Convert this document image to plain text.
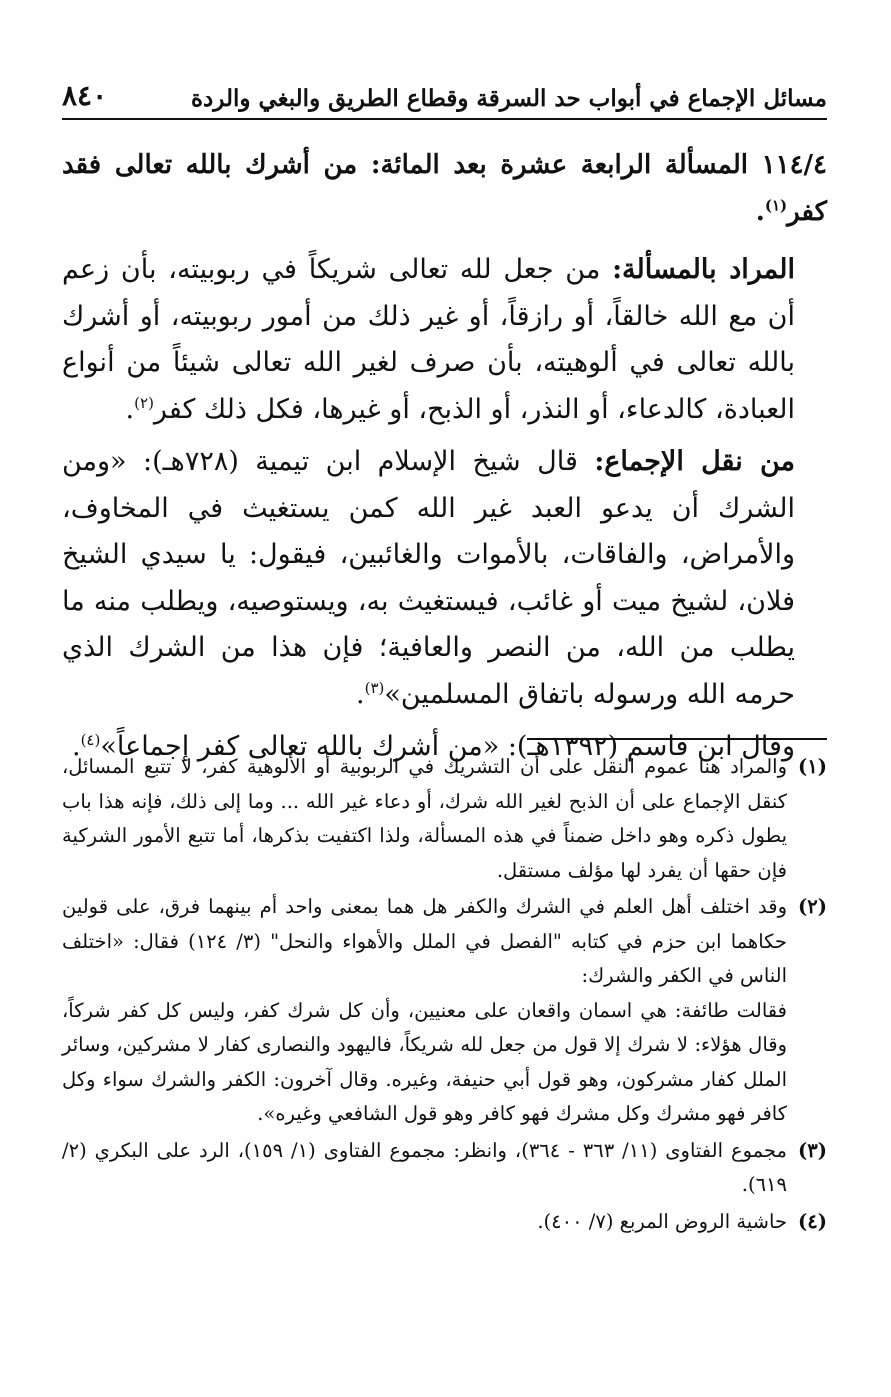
مسائل الإجماع في أبواب حد السرقة وقطاع الطريق والبغي والردة
٨٤٠

١١٤/٤ المسألة الرابعة عشرة بعد المائة: من أشرك بالله تعالى فقد كفر$^{(١)}$.

المراد بالمسألة: من جعل لله تعالى شريكاً في ربوبيته، بأن زعم أن مع الله خالقاً، أو رازقاً، أو غير ذلك من أمور ربوبيته، أو أشرك بالله تعالى في ألوهيته، بأن صرف لغير الله تعالى شيئاً من أنواع العبادة، كالدعاء، أو النذر، أو الذبح، أو غيرها، فكل ذلك كفر$^{(٢)}$.

من نقل الإجماع: قال شيخ الإسلام ابن تيمية (٧٢٨هـ): «ومن الشرك أن يدعو العبد غير الله كمن يستغيث في المخاوف، والأمراض، والفاقات، بالأموات والغائبين، فيقول: يا سيدي الشيخ فلان، لشيخ ميت أو غائب، فيستغيث به، ويستوصيه، ويطلب منه ما يطلب من الله، من النصر والعافية؛ فإن هذا من الشرك الذي حرمه الله ورسوله باتفاق المسلمين»$^{(٣)}$.

وقال ابن قاسم (١٣٩٢هـ): «من أشرك بالله تعالى كفر إجماعاً»$^{(٤)}$.

(١)

والمراد هنا عموم النقل على أن التشريك في الربوبية أو الألوهية كفر، لا تتبع المسائل، كنقل الإجماع على أن الذبح لغير الله شرك، أو دعاء غير الله ... وما إلى ذلك، فإنه هذا باب يطول ذكره وهو داخل ضمناً في هذه المسألة، ولذا اكتفيت بذكرها، أما تتبع الأمور الشركية فإن حقها أن يفرد لها مؤلف مستقل.

(٢)

وقد اختلف أهل العلم في الشرك والكفر هل هما بمعنى واحد أم بينهما فرق، على قولين حكاهما ابن حزم في كتابه "الفصل في الملل والأهواء والنحل" (٣/ ١٢٤) فقال: «اختلف الناس في الكفر والشرك:

فقالت طائفة: هي اسمان واقعان على معنيين، وأن كل شرك كفر، وليس كل كفر شركاً، وقال هؤلاء: لا شرك إلا قول من جعل لله شريكاً، فاليهود والنصارى كفار لا مشركين، وسائر الملل كفار مشركون، وهو قول أبي حنيفة، وغيره. وقال آخرون: الكفر والشرك سواء وكل كافر فهو مشرك وكل مشرك فهو كافر وهو قول الشافعي وغيره».

(٣)

مجموع الفتاوى (١١/ ٣٦٣ - ٣٦٤)، وانظر: مجموع الفتاوى (١/ ١٥٩)، الرد على البكري (٢/ ٦١٩).

(٤)

حاشية الروض المربع (٧/ ٤٠٠).
